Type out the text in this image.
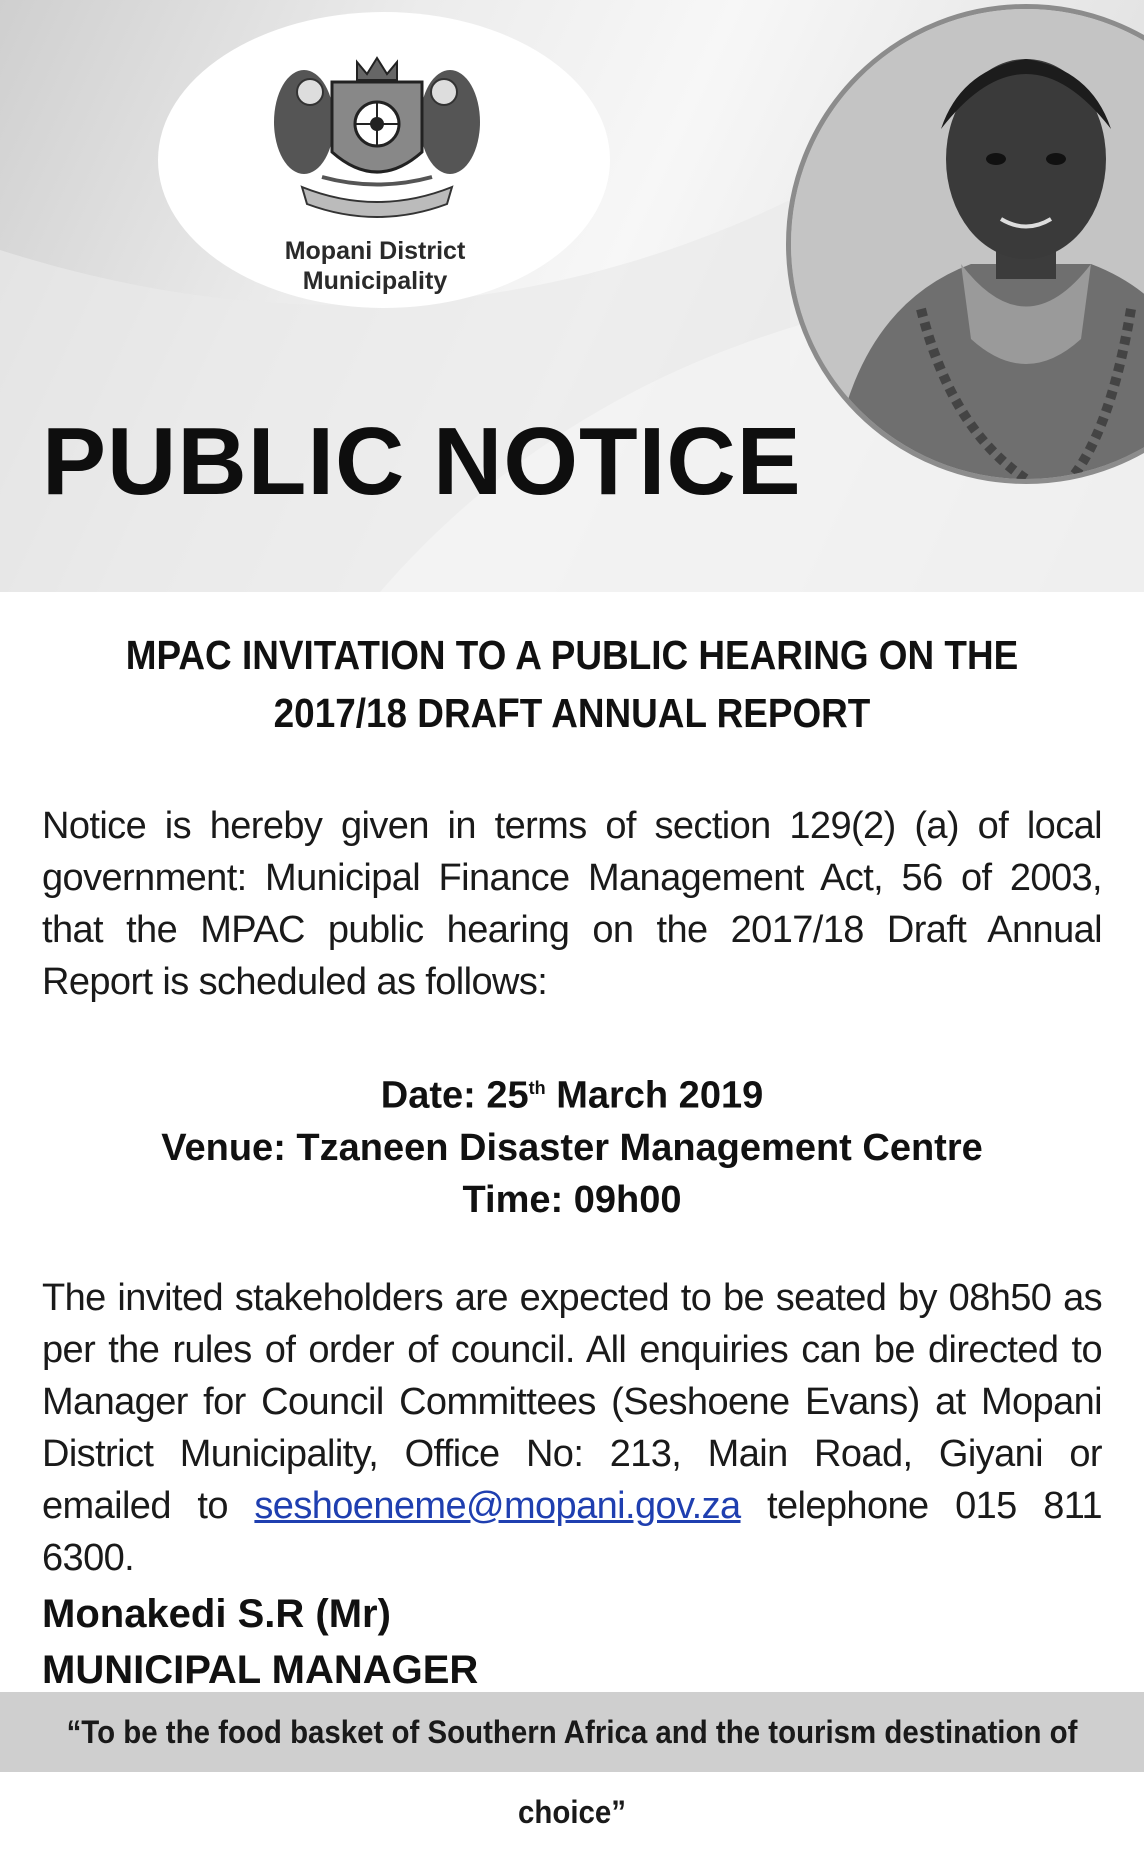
Mopani District
Municipality
PUBLIC NOTICE
MPAC INVITATION TO A PUBLIC HEARING ON THE
2017/18 DRAFT ANNUAL REPORT

Notice is hereby given in terms of section 129(2) (a) of local government: Municipal Finance Management Act, 56 of 2003, that the MPAC public hearing on the 2017/18 Draft Annual Report is scheduled as follows:

Date: 25th March 2019
Venue: Tzaneen Disaster Management Centre
Time: 09h00

The invited stakeholders are expected to be seated by 08h50 as per the rules of order of council. All enquiries can be directed to Manager for Council Committees (Seshoene Evans) at Mopani District Municipality, Office No: 213, Main Road, Giyani or emailed to seshoeneme@mopani.gov.za telephone 015 811 6300.

Monakedi S.R (Mr)
MUNICIPAL MANAGER
“To be the food basket of Southern Africa and the tourism destination of choice”
